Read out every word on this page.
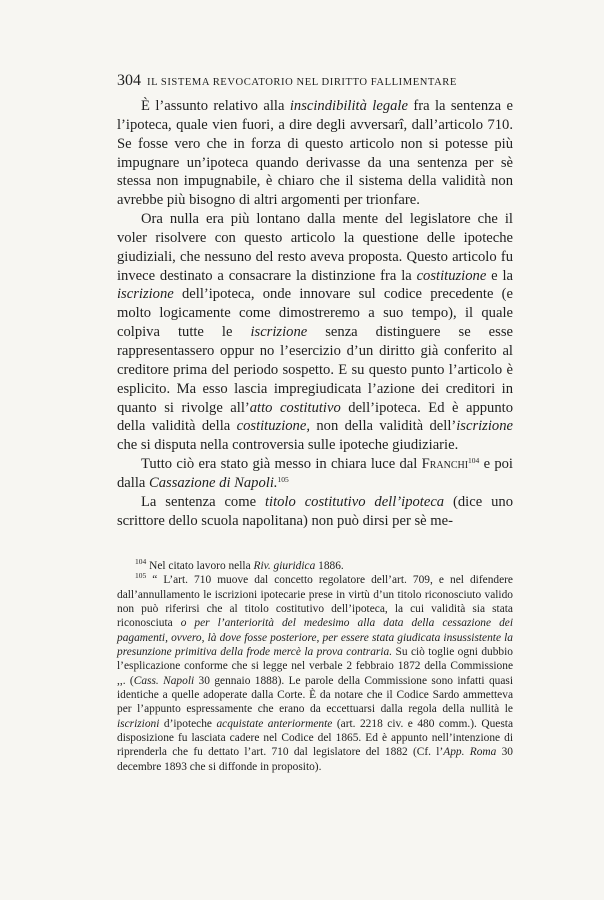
304 IL SISTEMA REVOCATORIO NEL DIRITTO FALLIMENTARE

È l’assunto relativo alla inscindibilità legale fra la sentenza e l’ipoteca, quale vien fuori, a dire degli avversarî, dall’articolo 710. Se fosse vero che in forza di questo articolo non si potesse più impugnare un’ipoteca quando derivasse da una sentenza per sè stessa non impugnabile, è chiaro che il sistema della validità non avrebbe più bisogno di altri argomenti per trionfare.

Ora nulla era più lontano dalla mente del legislatore che il voler risolvere con questo articolo la questione delle ipoteche giudiziali, che nessuno del resto aveva proposta. Questo articolo fu invece destinato a consacrare la distinzione fra la costituzione e la iscrizione dell’ipoteca, onde innovare sul codice precedente (e molto logicamente come dimostreremo a suo tempo), il quale colpiva tutte le iscrizione senza distinguere se esse rappresentassero oppur no l’esercizio d’un diritto già conferito al creditore prima del periodo sospetto. E su questo punto l’articolo è esplicito. Ma esso lascia impregiudicata l’azione dei creditori in quanto si rivolge all’atto costitutivo dell’ipoteca. Ed è appunto della validità della costituzione, non della validità dell’iscrizione che si disputa nella controversia sulle ipoteche giudiziarie.

Tutto ciò era stato già messo in chiara luce dal Franchi$^{104}$ e poi dalla Cassazione di Napoli.$^{105}$

La sentenza come titolo costitutivo dell’ipoteca (dice uno scrittore dello scuola napolitana) non può dirsi per sè me-

$^{104}$ Nel citato lavoro nella Riv. giuridica 1886.

$^{105}$ “ L’art. 710 muove dal concetto regolatore dell’art. 709, e nel difendere dall’annullamento le iscrizioni ipotecarie prese in virtù d’un titolo riconosciuto valido non può riferirsi che al titolo costitutivo dell’ipoteca, la cui validità sia stata riconosciuta o per l’anteriorità del medesimo alla data della cessazione dei pagamenti, ovvero, là dove fosse posteriore, per essere stata giudicata insussistente la presunzione primitiva della frode mercè la prova contraria. Su ciò toglie ogni dubbio l’esplicazione conforme che si legge nel verbale 2 febbraio 1872 della Commissione ,,. (Cass. Napoli 30 gennaio 1888). Le parole della Commissione sono infatti quasi identiche a quelle adoperate dalla Corte. È da notare che il Codice Sardo ammetteva per l’appunto espressamente che erano da eccettuarsi dalla regola della nullità le iscrizioni d’ipoteche acquistate anteriormente (art. 2218 civ. e 480 comm.). Questa disposizione fu lasciata cadere nel Codice del 1865. Ed è appunto nell’intenzione di riprenderla che fu dettato l’art. 710 dal legislatore del 1882 (Cf. l’App. Roma 30 decembre 1893 che si diffonde in proposito).
